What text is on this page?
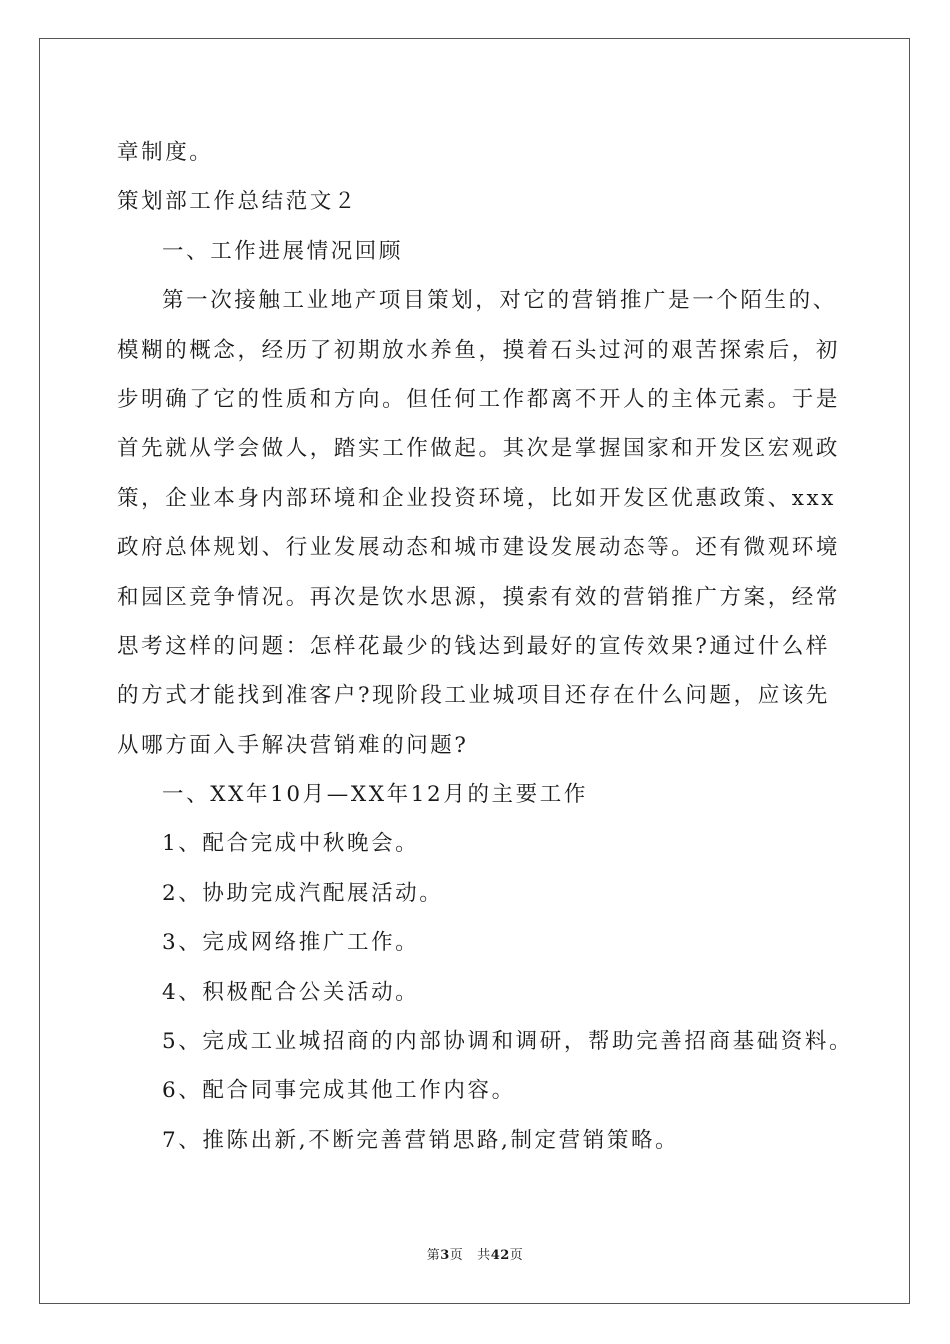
章制度。
策划部工作总结范文２
一、工作进展情况回顾
第一次接触工业地产项目策划，对它的营销推广是一个陌生的、
模糊的概念，经历了初期放水养鱼，摸着石头过河的艰苦探索后，初
步明确了它的性质和方向。但任何工作都离不开人的主体元素。于是
首先就从学会做人，踏实工作做起。其次是掌握国家和开发区宏观政
策，企业本身内部环境和企业投资环境，比如开发区优惠政策、xxx
政府总体规划、行业发展动态和城市建设发展动态等。还有微观环境
和园区竞争情况。再次是饮水思源，摸索有效的营销推广方案，经常
思考这样的问题：怎样花最少的钱达到最好的宣传效果?通过什么样
的方式才能找到准客户?现阶段工业城项目还存在什么问题，应该先
从哪方面入手解决营销难的问题?
一、XX年10月—XX年12月的主要工作
1、配合完成中秋晚会。
2、协助完成汽配展活动。
3、完成网络推广工作。
4、积极配合公关活动。
5、完成工业城招商的内部协调和调研，帮助完善招商基础资料。
6、配合同事完成其他工作内容。
7、推陈出新,不断完善营销思路,制定营销策略。
第3页 共42页
